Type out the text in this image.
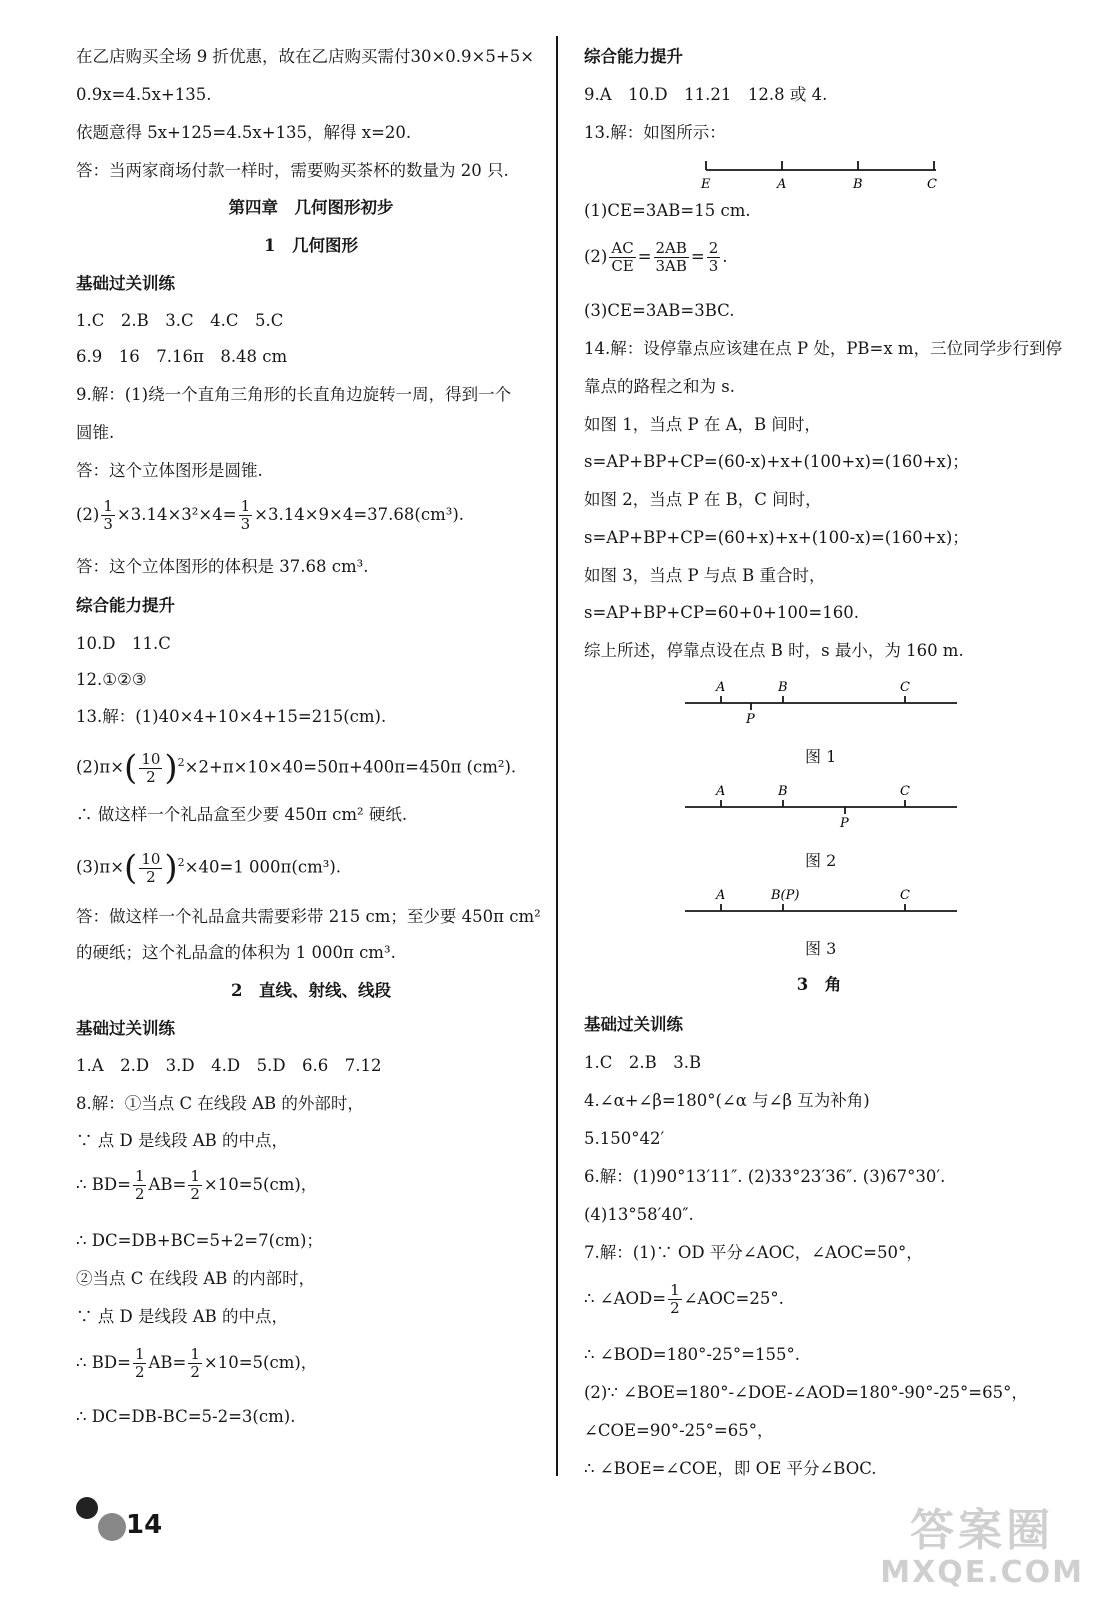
在乙店购买全场 9 折优惠，故在乙店购买需付30×0.9×5+5×
0.9x=4.5x+135.
依题意得 5x+125=4.5x+135，解得 x=20.
答：当两家商场付款一样时，需要购买茶杯的数量为 20 只.
第四章　几何图形初步
1　几何图形
基础过关训练
1.C　2.B　3.C　4.C　5.C
6.9　16　7.16π　8.48 cm
9.解：(1)绕一个直角三角形的长直角边旋转一周，得到一个
圆锥.
答：这个立体图形是圆锥.
$(2) \frac{1}{3} \times 3.14\times 3^2\times 4= \frac{1}{3} \times 3.14\times 9\times 4=37.68(cm^3)$.
答：这个立体图形的体积是 37.68 cm³.
综合能力提升
10.D　11.C
12.①②③
13.解：(1)40×4+10×4+15=215(cm).
$(2)\pi\times( \frac{10}{2} )^2\times 2+\pi\times 10\times 40=50\pi+400\pi=450\pi$ (cm²).
∴ 做这样一个礼品盒至少要 450π cm² 硬纸.
$(3)\pi\times( \frac{10}{2} )^2\times 40=1$ 000π(cm³).
答：做这样一个礼品盒共需要彩带 215 cm；至少要 450π cm²
的硬纸；这个礼品盒的体积为 1 000π cm³.
2　直线、射线、线段
基础过关训练
1.A　2.D　3.D　4.D　5.D　6.6　7.12
8.解：①当点 C 在线段 AB 的外部时，
∵ 点 D 是线段 AB 的中点，
∴ $BD= \frac{1}{2} AB= \frac{1}{2} \times 10=5(cm)$，
∴ DC=DB+BC=5+2=7(cm)；
②当点 C 在线段 AB 的内部时，
∵ 点 D 是线段 AB 的中点，
∴ $BD= \frac{1}{2} AB= \frac{1}{2} \times 10=5(cm)$，
∴ DC=DB-BC=5-2=3(cm).
综合能力提升
9.A　10.D　11.21　12.8 或 4.
13.解：如图所示：
E	A	B	C
(1)CE=3AB=15 cm.
$(2) \frac{AC}{CE} = \frac{2AB}{3AB} = \frac{2}{3}$ .
(3)CE=3AB=3BC.
14.解：设停靠点应该建在点 P 处，PB=x m，三位同学步行到停
靠点的路程之和为 s.
如图 1，当点 P 在 A，B 间时，
s=AP+BP+CP=(60-x)+x+(100+x)=(160+x)；
如图 2，当点 P 在 B，C 间时，
s=AP+BP+CP=(60+x)+x+(100-x)=(160+x)；
如图 3，当点 P 与点 B 重合时，
s=AP+BP+CP=60+0+100=160.
综上所述，停靠点设在点 B 时，s 最小，为 160 m.
A	B	C
P
图 1
A	B	C
P
图 2
A	B(P)	C
图 3
3　角
基础过关训练
1.C　2.B　3.B
4.∠α+∠β=180°(∠α 与∠β 互为补角)
5.150°42′
6.解：(1)90°13′11″. (2)33°23′36″. (3)67°30′.
(4)13°58′40″.
7.解：(1)∵ OD 平分∠AOC，∠AOC=50°，
∴ ∠AOD= $\frac{1}{2}$ ∠AOC=25°.
∴ ∠BOD=180°-25°=155°.
(2)∵ ∠BOE=180°-∠DOE-∠AOD=180°-90°-25°=65°，
∠COE=90°-25°=65°，
∴ ∠BOE=∠COE，即 OE 平分∠BOC.
14	答案圈
MXQE.COM
